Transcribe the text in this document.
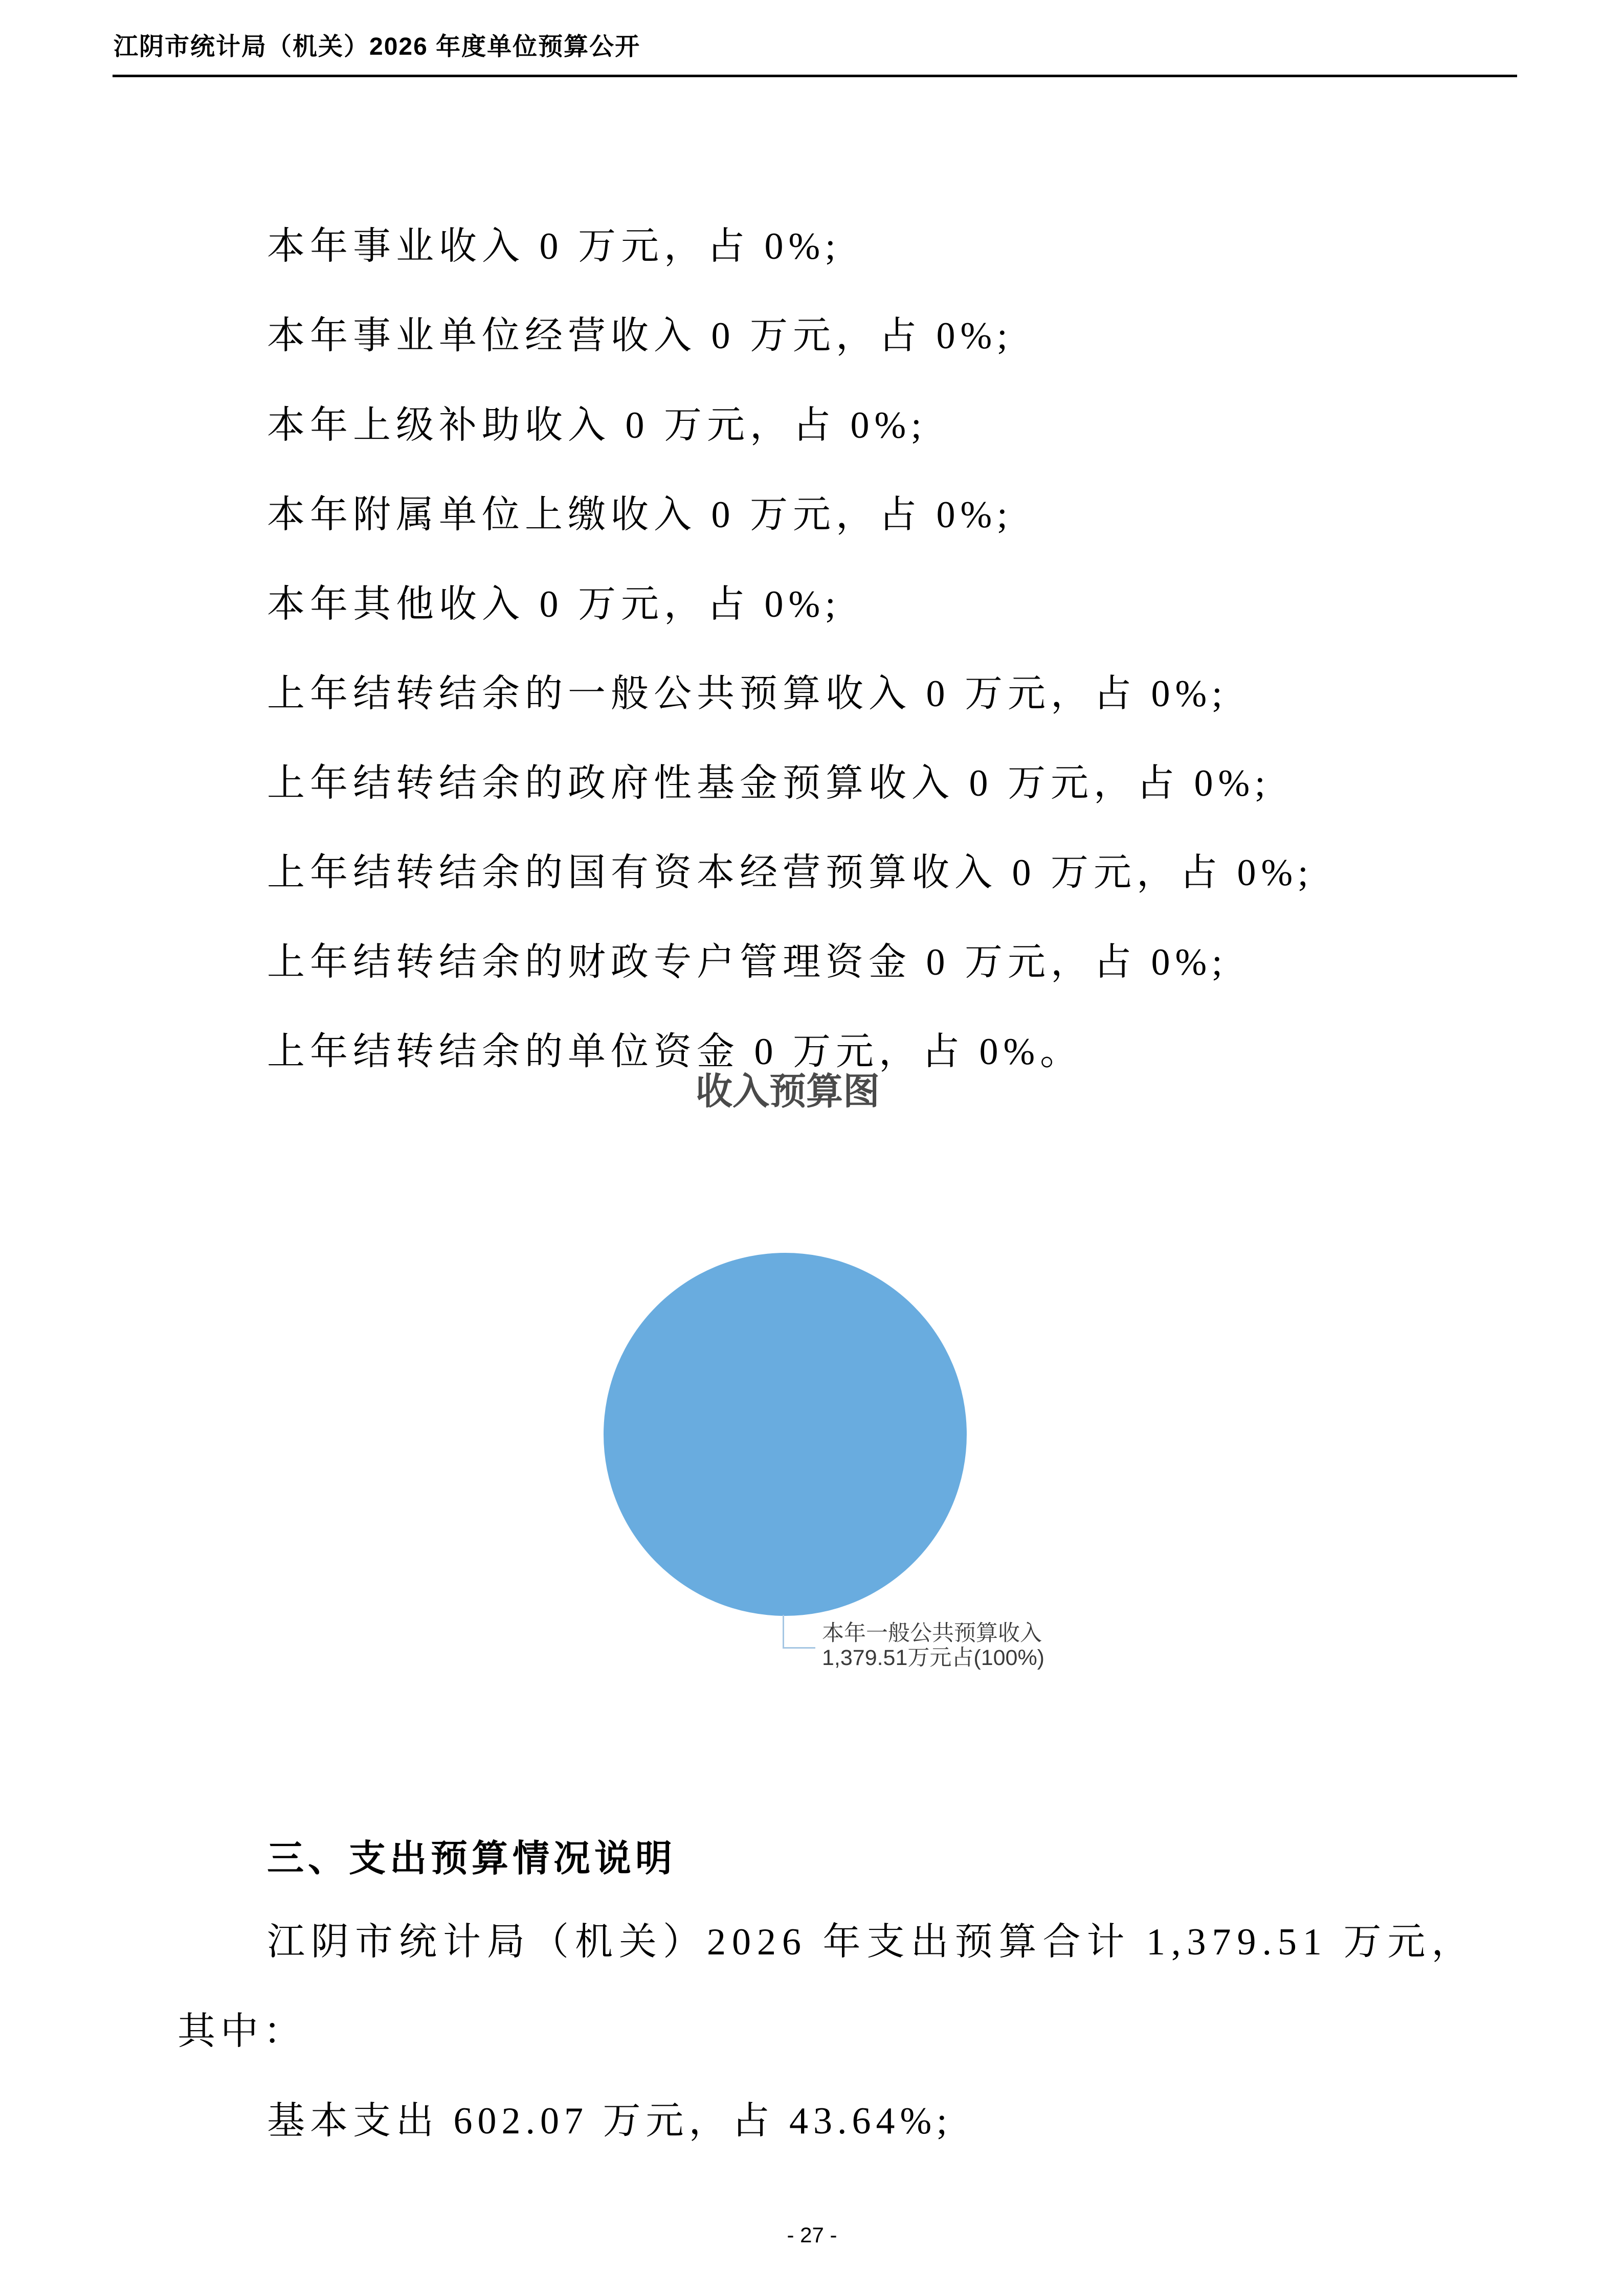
江阴市统计局（机关）2026 年度单位预算公开
本年事业收入 0 万元，占 0%;
本年事业单位经营收入 0 万元，占 0%;
本年上级补助收入 0 万元，占 0%;
本年附属单位上缴收入 0 万元，占 0%;
本年其他收入 0 万元，占 0%;
上年结转结余的一般公共预算收入 0 万元，占 0%;
上年结转结余的政府性基金预算收入 0 万元，占 0%;
上年结转结余的国有资本经营预算收入 0 万元，占 0%;
上年结转结余的财政专户管理资金 0 万元，占 0%;
上年结转结余的单位资金 0 万元，占 0%。
收入预算图
本年一般公共预算收入
1,379.51万元占(100%)
三、支出预算情况说明
江阴市统计局（机关）2026 年支出预算合计 1,379.51 万元，
其中：
基本支出 602.07 万元，占 43.64%;
- 27 -
